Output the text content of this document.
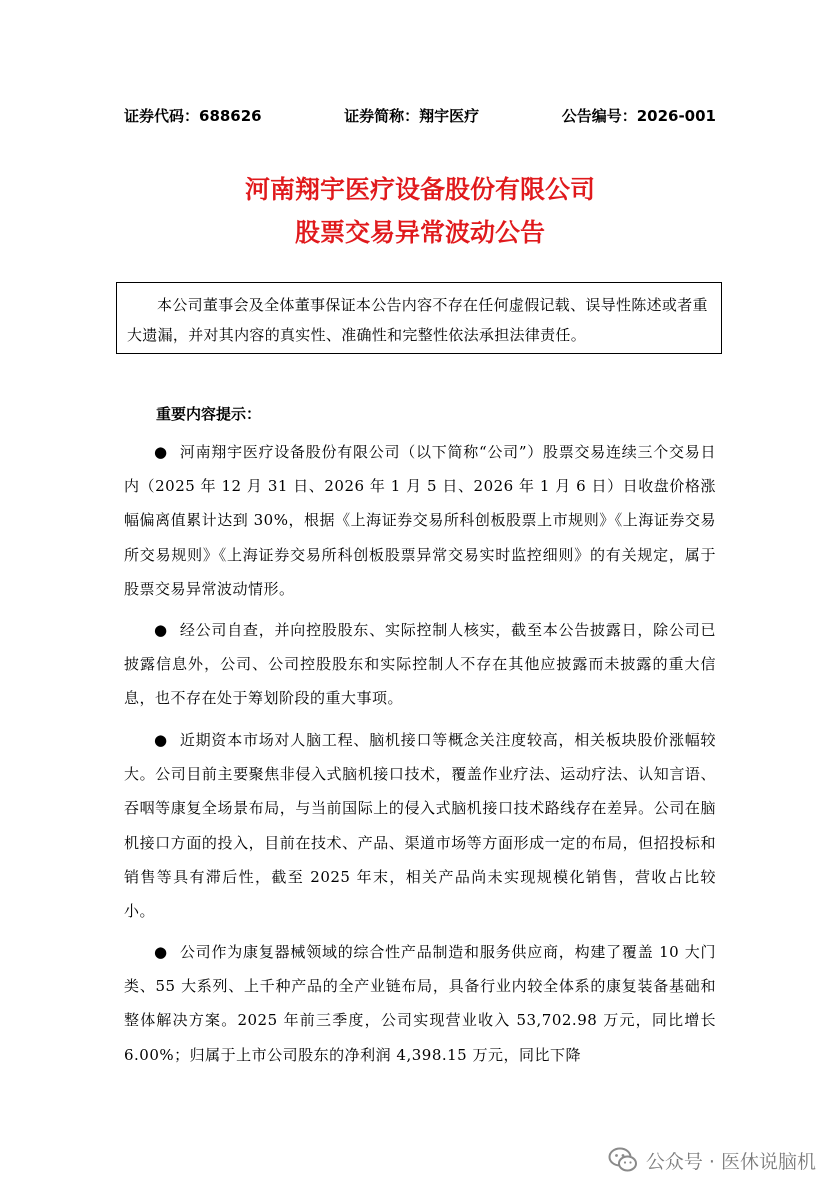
证券代码：688626	证券简称：翔宇医疗	公告编号：2026-001
河南翔宇医疗设备股份有限公司
股票交易异常波动公告
本公司董事会及全体董事保证本公告内容不存在任何虚假记载、误导性陈述或者重大遗漏，并对其内容的真实性、准确性和完整性依法承担法律责任。
重要内容提示：
● 河南翔宇医疗设备股份有限公司（以下简称“公司”）股票交易连续三个交易日内（2025 年 12 月 31 日、2026 年 1 月 5 日、2026 年 1 月 6 日）日收盘价格涨幅偏离值累计达到 30%，根据《上海证券交易所科创板股票上市规则》《上海证券交易所交易规则》《上海证券交易所科创板股票异常交易实时监控细则》的有关规定，属于股票交易异常波动情形。
● 经公司自查，并向控股股东、实际控制人核实，截至本公告披露日，除公司已披露信息外，公司、公司控股股东和实际控制人不存在其他应披露而未披露的重大信息，也不存在处于筹划阶段的重大事项。
● 近期资本市场对人脑工程、脑机接口等概念关注度较高，相关板块股价涨幅较大。公司目前主要聚焦非侵入式脑机接口技术，覆盖作业疗法、运动疗法、认知言语、吞咽等康复全场景布局，与当前国际上的侵入式脑机接口技术路线存在差异。公司在脑机接口方面的投入，目前在技术、产品、渠道市场等方面形成一定的布局，但招投标和销售等具有滞后性，截至 2025 年末，相关产品尚未实现规模化销售，营收占比较小。
● 公司作为康复器械领域的综合性产品制造和服务供应商，构建了覆盖 10 大门类、55 大系列、上千种产品的全产业链布局，具备行业内较全体系的康复装备基础和整体解决方案。2025 年前三季度，公司实现营业收入 53,702.98 万元，同比增长 6.00%；归属于上市公司股东的净利润 4,398.15 万元，同比下降
公众号 · 医休说脑机
